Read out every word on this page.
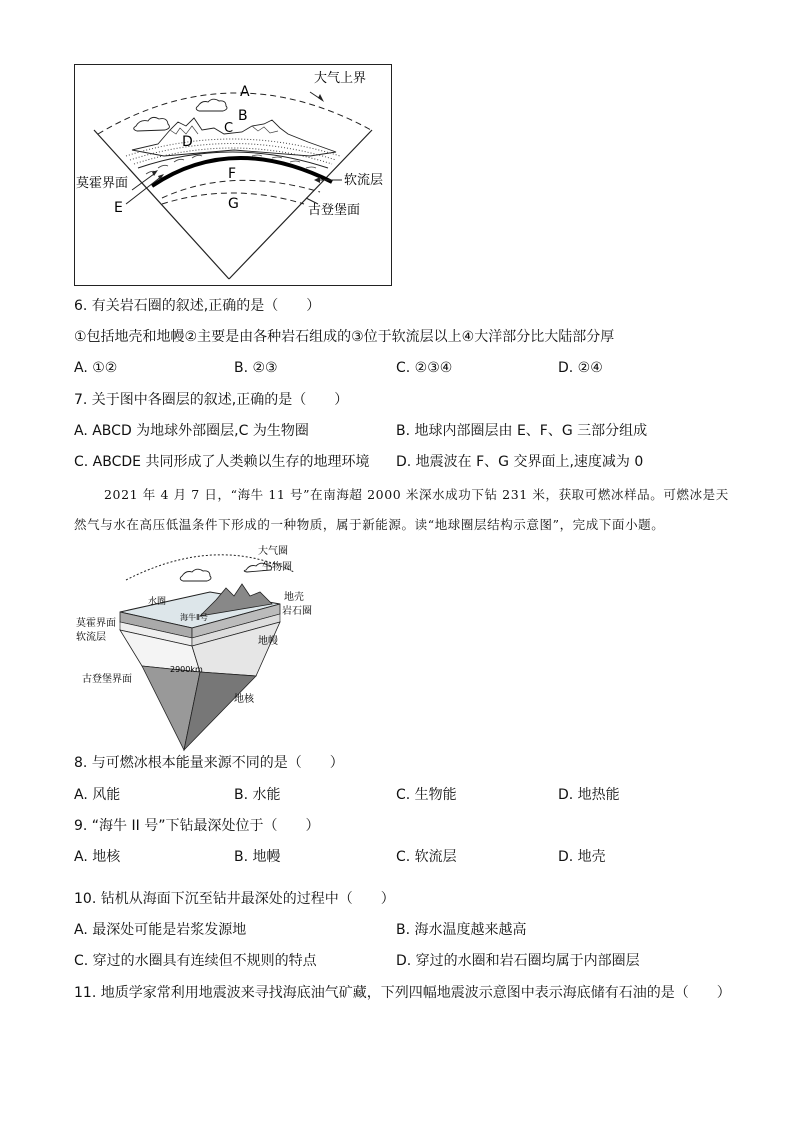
大气上界
A
B
C
D
莫霍界面	软流层
F
E	G	古登堡面
6. 有关岩石圈的叙述,正确的是（　　）
①包括地壳和地幔②主要是由各种岩石组成的③位于软流层以上④大洋部分比大陆部分厚
A. ①②	B. ②③	C. ②③④	D. ②④
7. 关于图中各圈层的叙述,正确的是（　　）
A. ABCD 为地球外部圈层,C 为生物圈	B. 地球内部圈层由 E、F、G 三部分组成
C. ABCDE 共同形成了人类赖以生存的地理环境 D. 地震波在 F、G 交界面上,速度减为 0
2021 年 4 月 7 日，“海牛 11 号”在南海超 2000 米深水成功下钻 231 米，获取可燃冰样品。可燃冰是天
然气与水在高压低温条件下形成的一种物质，属于新能源。读“地球圈层结构示意图”，完成下面小题。
大气圈
生物圈
水圈
海牛Ⅱ号
地壳
岩石圈
莫霍界面
软流层	地幔
2900km
古登堡界面
地核
8. 与可燃冰根本能量来源不同的是（　　）
A. 风能	B. 水能	C. 生物能	D. 地热能
9. “海牛 II 号”下钻最深处位于（　　）
A. 地核	B. 地幔	C. 软流层	D. 地壳
10. 钻机从海面下沉至钻井最深处的过程中（　　）
A. 最深处可能是岩浆发源地	B. 海水温度越来越高
C. 穿过的水圈具有连续但不规则的特点	D. 穿过的水圈和岩石圈均属于内部圈层
11. 地质学家常利用地震波来寻找海底油气矿藏，下列四幅地震波示意图中表示海底储有石油的是（　　）
